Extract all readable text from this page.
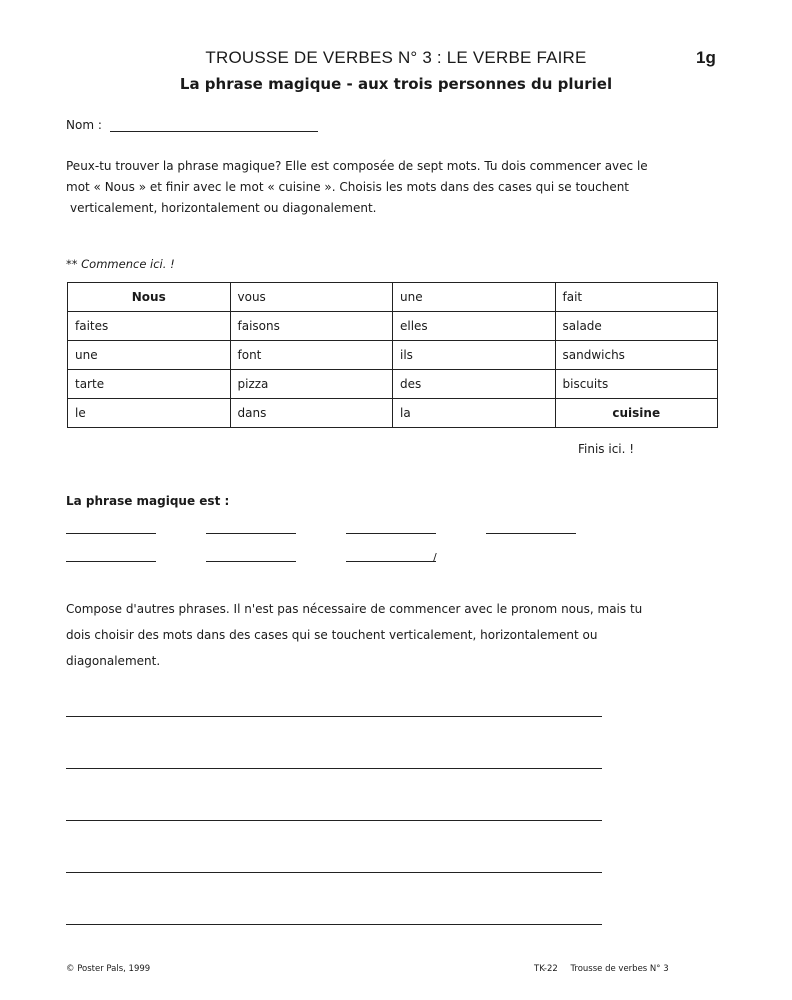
TROUSSE DE VERBES N° 3 : LE VERBE FAIRE	1g
La phrase magique - aux trois personnes du pluriel
Nom :
Peux-tu trouver la phrase magique? Elle est composée de sept mots. Tu dois commencer avec le
mot « Nous » et finir avec le mot « cuisine ». Choisis les mots dans des cases qui se touchent
verticalement, horizontalement ou diagonalement.
** Commence ici. !
Nous	vous	une	fait
faites	faisons	elles	salade
une	font	ils	sandwichs
tarte	pizza	des	biscuits
le	dans	la	cuisine
Finis ici. !
La phrase magique est :
/
Compose d'autres phrases. Il n'est pas nécessaire de commencer avec le pronom nous, mais tu
dois choisir des mots dans des cases qui se touchent verticalement, horizontalement ou
diagonalement.
© Poster Pals, 1999	TK-22 Trousse de verbes N° 3
